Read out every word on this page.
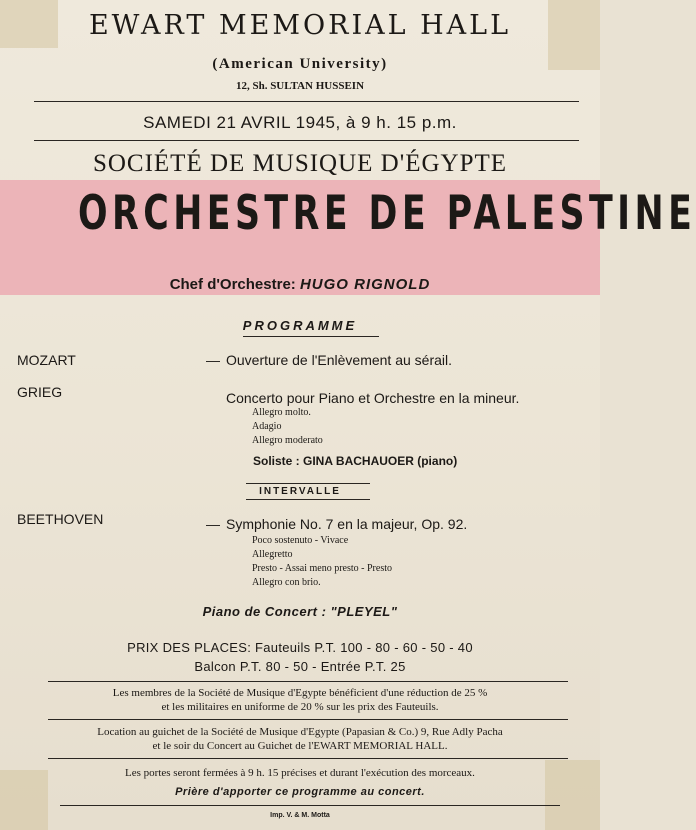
EWART MEMORIAL HALL
(American University)
12, Sh. SULTAN HUSSEIN
SAMEDI 21 AVRIL 1945, à 9 h. 15 p.m.
SOCIÉTÉ DE MUSIQUE D'ÉGYPTE
ORCHESTRE DE PALESTINE
Chef d'Orchestre: HUGO RIGNOLD
PROGRAMME
MOZART	— Ouverture de l'Enlèvement au sérail.
GRIEG	Concerto pour Piano et Orchestre en la mineur.
Allegro molto.
Adagio
Allegro moderato
Soliste : GINA BACHAUOER (piano)
INTERVALLE
BEETHOVEN	— Symphonie No. 7 en la majeur, Op. 92.
Poco sostenuto - Vivace
Allegretto
Presto - Assai meno presto - Presto
Allegro con brio.
Piano de Concert : "PLEYEL"
PRIX DES PLACES: Fauteuils P.T. 100 - 80 - 60 - 50 - 40
Balcon P.T. 80 - 50 - Entrée P.T. 25
Les membres de la Société de Musique d'Egypte bénéficient d'une réduction de 25 %
et les militaires en uniforme de 20 % sur les prix des Fauteuils.
Location au guichet de la Société de Musique d'Egypte (Papasian & Co.) 9, Rue Adly Pacha
et le soir du Concert au Guichet de l'EWART MEMORIAL HALL.
Les portes seront fermées à 9 h. 15 précises et durant l'exécution des morceaux.
Prière d'apporter ce programme au concert.
Imp. V. & M. Motta
